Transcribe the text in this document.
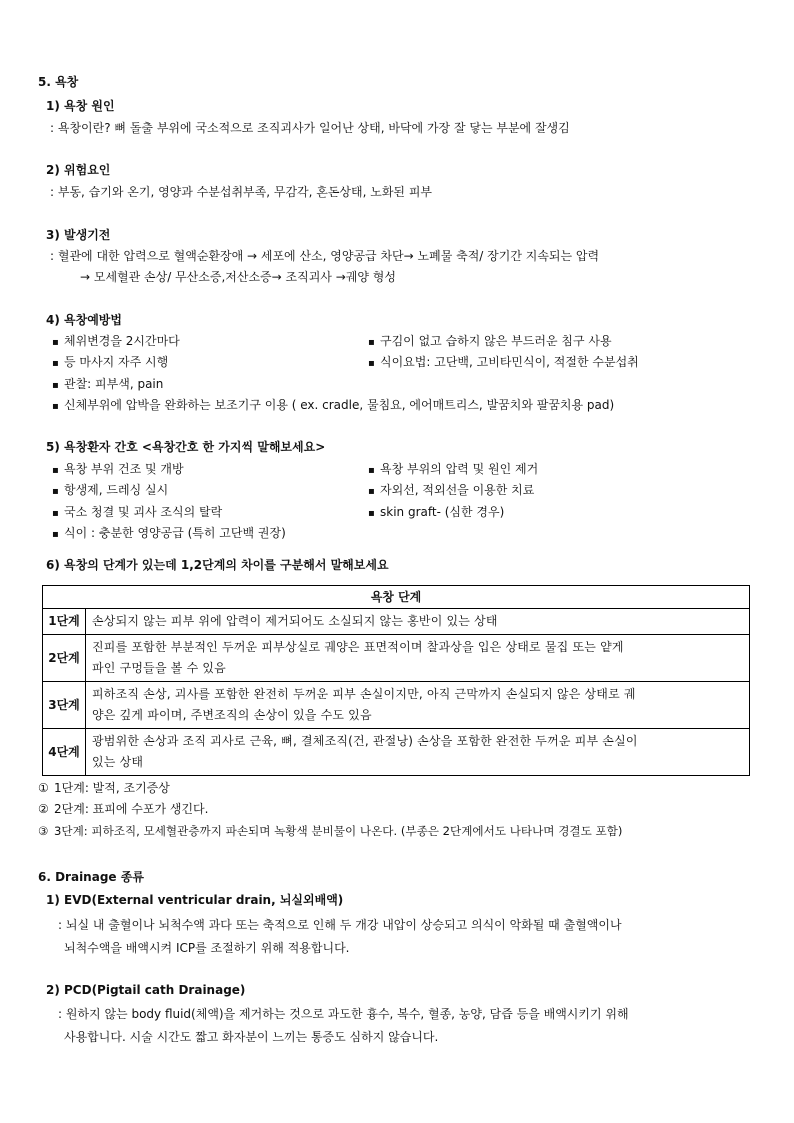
5. 욕창
1) 욕창 원인
: 욕창이란? 뼈 돌출 부위에 국소적으로 조직괴사가 일어난 상태, 바닥에 가장 잘 닿는 부분에 잘생김
2) 위험요인
: 부동, 습기와 온기, 영양과 수분섭취부족, 무감각, 혼돈상태, 노화된 피부
3) 발생기전
: 혈관에 대한 압력으로 혈액순환장애 → 세포에 산소, 영양공급 차단→ 노폐물 축적/ 장기간 지속되는 압력
→ 모세혈관 손상/ 무산소증,저산소증→ 조직괴사 →궤양 형성
4) 욕창예방법
▪ 체위변경을 2시간마다	▪ 구김이 없고 습하지 않은 부드러운 침구 사용
▪ 등 마사지 자주 시행	▪ 식이요법: 고단백, 고비타민식이, 적절한 수분섭취
▪ 관찰: 피부색, pain
▪ 신체부위에 압박을 완화하는 보조기구 이용 ( ex. cradle, 물침요, 에어매트리스, 발꿈치와 팔꿈치용 pad)
5) 욕창환자 간호 <욕창간호 한 가지씩 말해보세요>
▪ 욕창 부위 건조 및 개방	▪ 욕창 부위의 압력 및 원인 제거
▪ 항생제, 드레싱 실시	▪ 자외선, 적외선을 이용한 치료
▪ 국소 청결 및 괴사 조식의 탈락	▪ skin graft- (심한 경우)
▪ 식이 : 충분한 영양공급 (특히 고단백 권장)
6) 욕창의 단계가 있는데 1,2단계의 차이를 구분해서 말해보세요
욕창 단계	
1단계	손상되지 않는 피부 위에 압력이 제거되어도 소실되지 않는 홍반이 있는 상태
2단계	진피를 포함한 부분적인 두꺼운 피부상실로 궤양은 표면적이며 찰과상을 입은 상태로 물집 또는 얕게
파인 구멍들을 볼 수 있음

3단계	피하조직 손상, 괴사를 포함한 완전히 두꺼운 피부 손실이지만, 아직 근막까지 손실되지 않은 상태로 궤
양은 깊게 파이며, 주변조직의 손상이 있을 수도 있음

4단계	광범위한 손상과 조직 괴사로 근육, 뼈, 결체조직(건, 관절낭) 손상을 포함한 완전한 두꺼운 피부 손실이
있는 상태
① 1단계: 발적, 조기증상
② 2단계: 표피에 수포가 생긴다.
③ 3단계: 피하조직, 모세혈관층까지 파손되며 녹황색 분비물이 나온다. (부종은 2단계에서도 나타나며 경결도 포함)
6. Drainage 종류
1) EVD(External ventricular drain, 뇌실외배액)
: 뇌실 내 출혈이나 뇌척수액 과다 또는 축적으로 인해 두 개강 내압이 상승되고 의식이 악화될 때 출혈액이나
뇌척수액을 배액시켜 ICP를 조절하기 위해 적용합니다.
2) PCD(Pigtail cath Drainage)
: 원하지 않는 body fluid(체액)을 제거하는 것으로 과도한 흉수, 복수, 혈종, 농양, 담즙 등을 배액시키기 위해
사용합니다. 시술 시간도 짧고 화자분이 느끼는 통증도 심하지 않습니다.
